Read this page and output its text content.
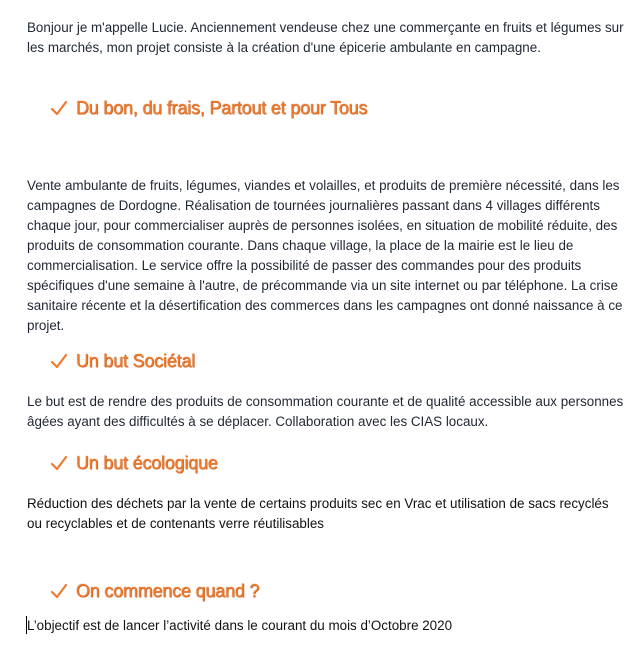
Bonjour je m'appelle Lucie. Anciennement vendeuse chez une commerçante en fruits et légumes sur les marchés, mon projet consiste à la création d'une épicerie ambulante en campagne.

Du bon, du frais, Partout et pour Tous

Vente ambulante de fruits, légumes, viandes et volailles, et produits de première nécessité, dans les campagnes de Dordogne. Réalisation de tournées journalières passant dans 4 villages différents chaque jour, pour commercialiser auprès de personnes isolées, en situation de mobilité réduite, des produits de consommation courante. Dans chaque village, la place de la mairie est le lieu de commercialisation. Le service offre la possibilité de passer des commandes pour des produits spécifiques d'une semaine à l'autre, de précommande via un site internet ou par téléphone. La crise sanitaire récente et la désertification des commerces dans les campagnes ont donné naissance à ce projet.

Un but Sociétal

Le but est de rendre des produits de consommation courante et de qualité accessible aux personnes âgées ayant des difficultés à se déplacer. Collaboration avec les CIAS locaux.

Un but écologique

Réduction des déchets par la vente de certains produits sec en Vrac et utilisation de sacs recyclés ou recyclables et de contenants verre réutilisables

On commence quand ?

L’objectif est de lancer l’activité dans le courant du mois d’Octobre 2020
